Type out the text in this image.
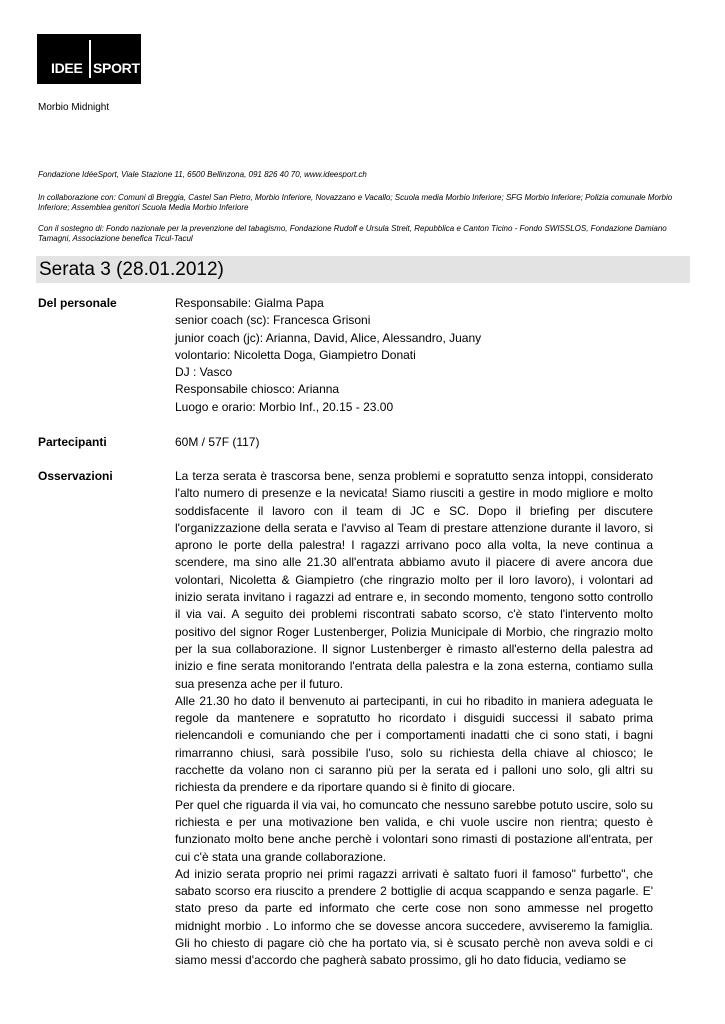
IDEE SPORT
Morbio Midnight
Fondazione IdéeSport, Viale Stazione 11, 6500 Bellinzona, 091 826 40 70, www.ideesport.ch
In collaborazione con: Comuni di Breggia, Castel San Pietro, Morbio Inferiore, Novazzano e Vacallo; Scuola media Morbio Inferiore; SFG Morbio Inferiore; Polizia comunale Morbio Inferiore; Assemblea genitori Scuola Media Morbio Inferiore
Con il sostegno di: Fondo nazionale per la prevenzione del tabagismo, Fondazione Rudolf e Ursula Streit, Repubblica e Canton Ticino - Fondo SWISSLOS, Fondazione Damiano Tamagni, Associazione benefica Ticul-Tacul
Serata 3 (28.01.2012)
Del personale	Responsabile: Gialma Papa
senior coach (sc): Francesca Grisoni
junior coach (jc): Arianna, David, Alice, Alessandro, Juany
volontario: Nicoletta Doga, Giampietro Donati
DJ : Vasco
Responsabile chiosco: Arianna
Luogo e orario: Morbio Inf., 20.15 - 23.00
Partecipanti	60M / 57F (117)
Osservazioni	La terza serata è trascorsa bene, senza problemi e sopratutto senza intoppi, considerato l'alto numero di presenze e la nevicata! Siamo riusciti a gestire in modo migliore e molto soddisfacente il lavoro con il team di JC e SC. Dopo il briefing per discutere l'organizzazione della serata e l'avviso al Team di prestare attenzione durante il lavoro, si aprono le porte della palestra! I ragazzi arrivano poco alla volta, la neve continua a scendere, ma sino alle 21.30 all'entrata abbiamo avuto il piacere di avere ancora due volontari, Nicoletta & Giampietro (che ringrazio molto per il loro lavoro), i volontari ad inizio serata invitano i ragazzi ad entrare e, in secondo momento, tengono sotto controllo il via vai. A seguito dei problemi riscontrati sabato scorso, c'è stato l'intervento molto positivo del signor Roger Lustenberger, Polizia Municipale di Morbio, che ringrazio molto per la sua collaborazione. Il signor Lustenberger è rimasto all'esterno della palestra ad inizio e fine serata monitorando l'entrata della palestra e la zona esterna, contiamo sulla sua presenza ache per il futuro.

Alle 21.30 ho dato il benvenuto ai partecipanti, in cui ho ribadito in maniera adeguata le regole da mantenere e sopratutto ho ricordato i disguidi successi il sabato prima rielencandoli e comuniando che per i comportamenti inadatti che ci sono stati, i bagni rimarranno chiusi, sarà possibile l'uso, solo su richiesta della chiave al chiosco; le racchette da volano non ci saranno più per la serata ed i palloni uno solo, gli altri su richiesta da prendere e da riportare quando si è finito di giocare.

Per quel che riguarda il via vai, ho comuncato che nessuno sarebbe potuto uscire, solo su richiesta e per una motivazione ben valida, e chi vuole uscire non rientra; questo è funzionato molto bene anche perchè i volontari sono rimasti di postazione all'entrata, per cui c'è stata una grande collaborazione.

Ad inizio serata proprio nei primi ragazzi arrivati è saltato fuori il famoso" furbetto", che sabato scorso era riuscito a prendere 2 bottiglie di acqua scappando e senza pagarle. E' stato preso da parte ed informato che certe cose non sono ammesse nel progetto midnight morbio . Lo informo che se dovesse ancora succedere, avviseremo la famiglia. Gli ho chiesto di pagare ciò che ha portato via, si è scusato perchè non aveva soldi e ci siamo messi d'accordo che pagherà sabato prossimo, gli ho dato fiducia, vediamo se
